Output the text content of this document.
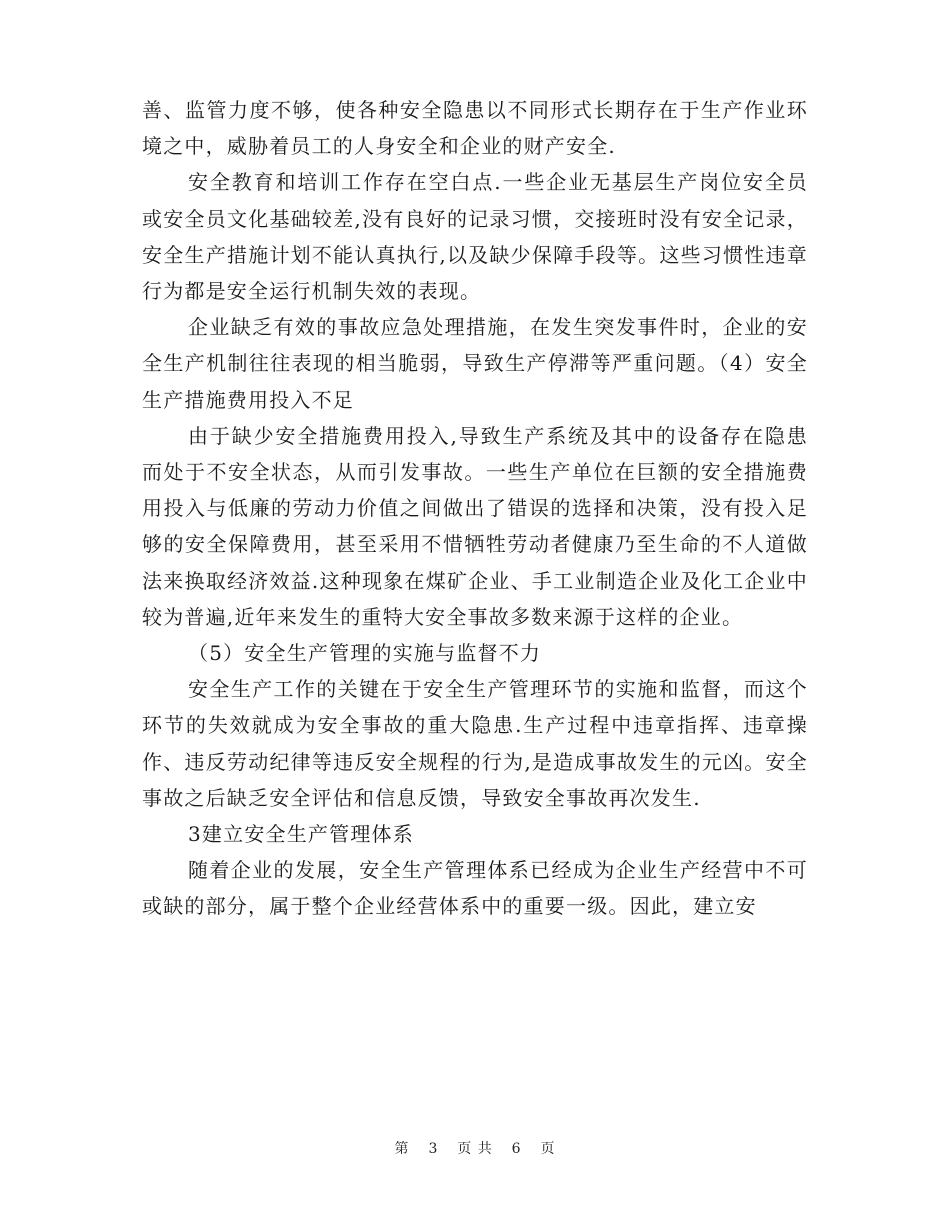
善、监管力度不够，使各种安全隐患以不同形式长期存在于生产作业环境之中，威胁着员工的人身安全和企业的财产安全.

安全教育和培训工作存在空白点.一些企业无基层生产岗位安全员或安全员文化基础较差,没有良好的记录习惯，交接班时没有安全记录，安全生产措施计划不能认真执行,以及缺少保障手段等。这些习惯性违章行为都是安全运行机制失效的表现。

企业缺乏有效的事故应急处理措施，在发生突发事件时，企业的安全生产机制往往表现的相当脆弱，导致生产停滞等严重问题。（4）安全生产措施费用投入不足

由于缺少安全措施费用投入,导致生产系统及其中的设备存在隐患而处于不安全状态，从而引发事故。一些生产单位在巨额的安全措施费用投入与低廉的劳动力价值之间做出了错误的选择和决策，没有投入足够的安全保障费用，甚至采用不惜牺牲劳动者健康乃至生命的不人道做法来换取经济效益.这种现象在煤矿企业、手工业制造企业及化工企业中较为普遍,近年来发生的重特大安全事故多数来源于这样的企业。

（5）安全生产管理的实施与监督不力

安全生产工作的关键在于安全生产管理环节的实施和监督，而这个环节的失效就成为安全事故的重大隐患.生产过程中违章指挥、违章操作、违反劳动纪律等违反安全规程的行为,是造成事故发生的元凶。安全事故之后缺乏安全评估和信息反馈，导致安全事故再次发生.

3建立安全生产管理体系

随着企业的发展，安全生产管理体系已经成为企业生产经营中不可或缺的部分，属于整个企业经营体系中的重要一级。因此，建立安

第 3 页 共 6 页
